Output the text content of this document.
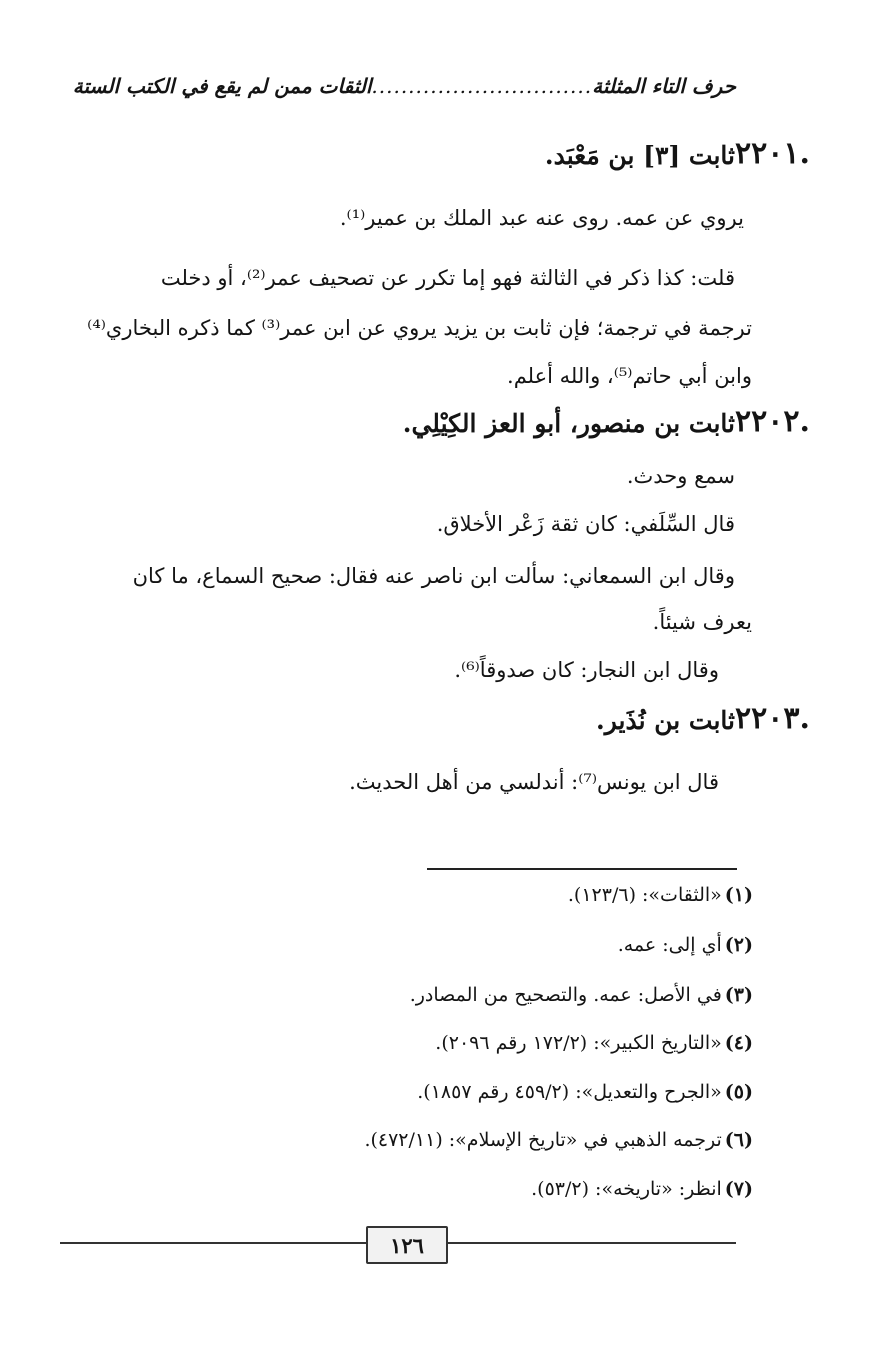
حرف التاء المثلثة
..............................
الثقات ممن لم يقع في الكتب الستة
٢٢٠١.
ثابت [٣] بن مَعْبَد.
يروي عن عمه. روى عنه عبد الملك بن عمير⁽¹⁾.
قلت: كذا ذكر في الثالثة فهو إما تكرر عن تصحيف عمر⁽²⁾، أو دخلت
ترجمة في ترجمة؛ فإن ثابت بن يزيد يروي عن ابن عمر⁽³⁾ كما ذكره البخاري⁽⁴⁾
وابن أبي حاتم⁽⁵⁾، والله أعلم.
٢٢٠٢.
ثابت بن منصور، أبو العز الكِيْلِي.
سمع وحدث.
قال السِّلَفي: كان ثقة زَعْر الأخلاق.
وقال ابن السمعاني: سألت ابن ناصر عنه فقال: صحيح السماع، ما كان
يعرف شيئاً.
وقال ابن النجار: كان صدوقاً⁽⁶⁾.
٢٢٠٣.
ثابت بن نُذَير.
قال ابن يونس⁽⁷⁾: أندلسي من أهل الحديث.
(١)
«الثقات»: (١٢٣/٦).
(٢)
أي إلى: عمه.
(٣)
في الأصل: عمه. والتصحيح من المصادر.
(٤)
«التاريخ الكبير»: (١٧٢/٢ رقم ٢٠٩٦).
(٥)
«الجرح والتعديل»: (٤٥٩/٢ رقم ١٨٥٧).
(٦)
ترجمه الذهبي في «تاريخ الإسلام»: (٤٧٢/١١).
(٧)
انظر: «تاريخه»: (٥٣/٢).
١٢٦
